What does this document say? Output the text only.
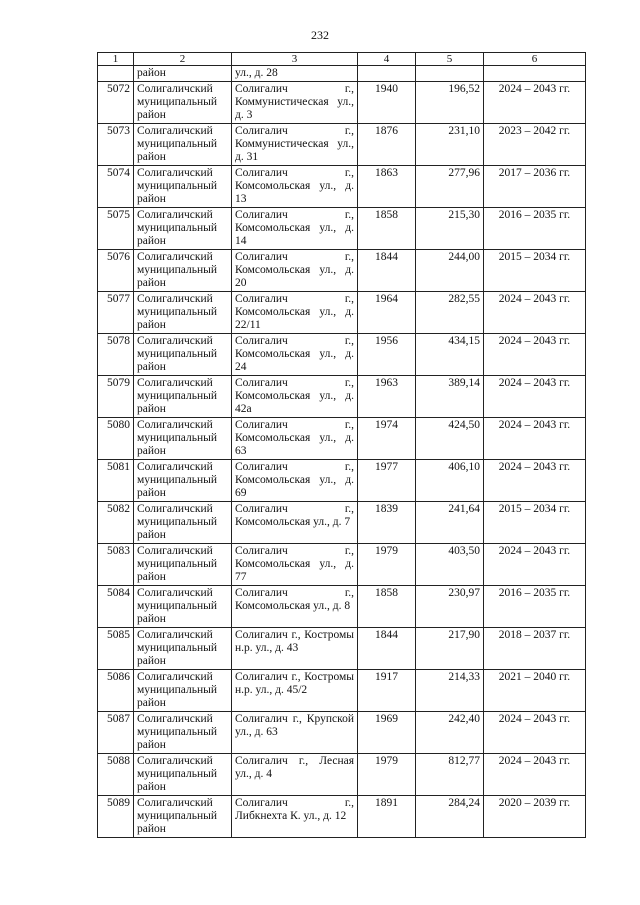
232
1	2	3	4	5	6
	район	ул., д. 28			
5072	Солигаличский муниципальный район	Солигалич г., Коммунистическая ул., д. 3	1940	196,52	2024 – 2043 гг.
5073	Солигаличский муниципальный район	Солигалич г., Коммунистическая ул., д. 31	1876	231,10	2023 – 2042 гг.
5074	Солигаличский муниципальный район	Солигалич г., Комсомольская ул., д. 13	1863	277,96	2017 – 2036 гг.
5075	Солигаличский муниципальный район	Солигалич г., Комсомольская ул., д. 14	1858	215,30	2016 – 2035 гг.
5076	Солигаличский муниципальный район	Солигалич г., Комсомольская ул., д. 20	1844	244,00	2015 – 2034 гг.
5077	Солигаличский муниципальный район	Солигалич г., Комсомольская ул., д. 22/11	1964	282,55	2024 – 2043 гг.
5078	Солигаличский муниципальный район	Солигалич г., Комсомольская ул., д. 24	1956	434,15	2024 – 2043 гг.
5079	Солигаличский муниципальный район	Солигалич г., Комсомольская ул., д. 42а	1963	389,14	2024 – 2043 гг.
5080	Солигаличский муниципальный район	Солигалич г., Комсомольская ул., д. 63	1974	424,50	2024 – 2043 гг.
5081	Солигаличский муниципальный район	Солигалич г., Комсомольская ул., д. 69	1977	406,10	2024 – 2043 гг.
5082	Солигаличский муниципальный район	Солигалич г., Комсомольская ул., д. 7	1839	241,64	2015 – 2034 гг.
5083	Солигаличский муниципальный район	Солигалич г., Комсомольская ул., д. 77	1979	403,50	2024 – 2043 гг.
5084	Солигаличский муниципальный район	Солигалич г., Комсомольская ул., д. 8	1858	230,97	2016 – 2035 гг.
5085	Солигаличский муниципальный район	Солигалич г., Костромы н.р. ул., д. 43	1844	217,90	2018 – 2037 гг.
5086	Солигаличский муниципальный район	Солигалич г., Костромы н.р. ул., д. 45/2	1917	214,33	2021 – 2040 гг.
5087	Солигаличский муниципальный район	Солигалич г., Крупской ул., д. 63	1969	242,40	2024 – 2043 гг.
5088	Солигаличский муниципальный район	Солигалич г., Лесная ул., д. 4	1979	812,77	2024 – 2043 гг.
5089	Солигаличский муниципальный район	Солигалич г., Либкнехта К. ул., д. 12	1891	284,24	2020 – 2039 гг.
